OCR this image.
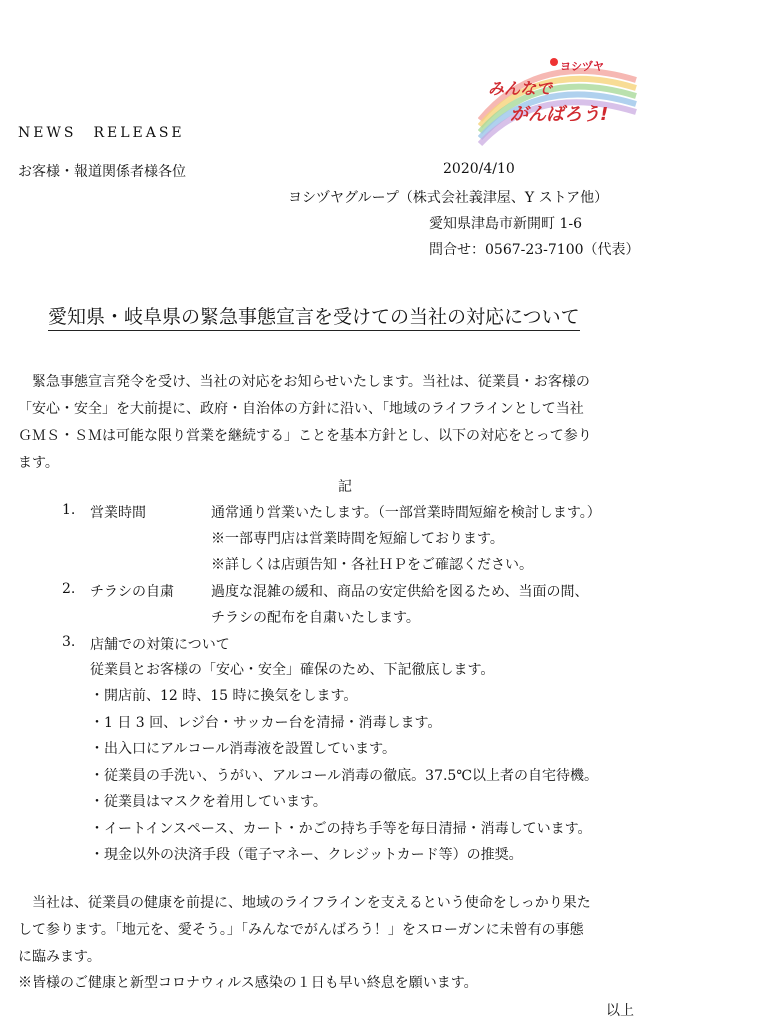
ヨシヅヤ
みんなで
がんばろう!
NEWS　RELEASE
お客様・報道関係者様各位	2020/4/10
ヨシヅヤグループ（株式会社義津屋、Y ストア他）
愛知県津島市新開町 1-6
問合せ：0567-23-7100（代表）
愛知県・岐阜県の緊急事態宣言を受けての当社の対応について
　緊急事態宣言発令を受け、当社の対応をお知らせいたします。当社は、従業員・お客様の
「安心・安全」を大前提に、政府・自治体の方針に沿い、「地域のライフラインとして当社
ＧＭＳ・ＳＭは可能な限り営業を継続する」ことを基本方針とし、以下の対応をとって参り
ます。
記
1. 営業時間	通常通り営業いたします。（一部営業時間短縮を検討します。）
※一部専門店は営業時間を短縮しております。
※詳しくは店頭告知・各社ＨＰをご確認ください。
2. チラシの自粛	過度な混雑の緩和、商品の安定供給を図るため、当面の間、
チラシの配布を自粛いたします。
3. 店舗での対策について
従業員とお客様の「安心・安全」確保のため、下記徹底します。
・開店前、12 時、15 時に換気をします。
・1 日 3 回、レジ台・サッカー台を清掃・消毒します。
・出入口にアルコール消毒液を設置しています。
・従業員の手洗い、うがい、アルコール消毒の徹底。37.5℃以上者の自宅待機。
・従業員はマスクを着用しています。
・イートインスペース、カート・かごの持ち手等を毎日清掃・消毒しています。
・現金以外の決済手段（電子マネー、クレジットカード等）の推奨。
　当社は、従業員の健康を前提に、地域のライフラインを支えるという使命をしっかり果た
して参ります。「地元を、愛そう。」「みんなでがんばろう！」をスローガンに未曾有の事態
に臨みます。
※皆様のご健康と新型コロナウィルス感染の１日も早い終息を願います。
以上
